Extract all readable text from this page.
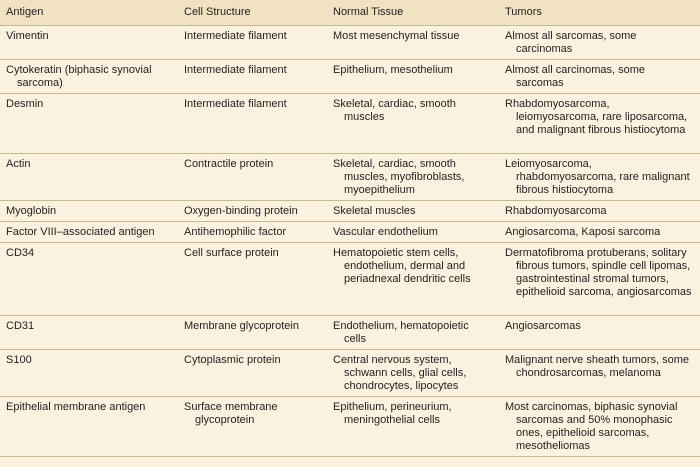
Antigen	Cell Structure	Normal Tissue	Tumors
Vimentin	Intermediate filament	Most mesenchymal tissue	Almost all sarcomas, some carcinomas
Cytokeratin (biphasic synovial sarcoma)	Intermediate filament	Epithelium, mesothelium	Almost all carcinomas, some sarcomas
Desmin	Intermediate filament	Skeletal, cardiac, smooth muscles	Rhabdomyosarcoma, leiomyosarcoma, rare liposarcoma, and malignant fibrous histiocytoma
Actin	Contractile protein	Skeletal, cardiac, smooth muscles, myofibroblasts, myoepithelium	Leiomyosarcoma, rhabdomyosarcoma, rare malignant fibrous histiocytoma
Myoglobin	Oxygen-binding protein	Skeletal muscles	Rhabdomyosarcoma
Factor VIII–associated antigen	Antihemophilic factor	Vascular endothelium	Angiosarcoma, Kaposi sarcoma
CD34	Cell surface protein	Hematopoietic stem cells, endothelium, dermal and periadnexal dendritic cells	Dermatofibroma protuberans, solitary fibrous tumors, spindle cell lipomas, gastrointestinal stromal tumors, epithelioid sarcoma, angiosarcomas
CD31	Membrane glycoprotein	Endothelium, hematopoietic cells	Angiosarcomas
S100	Cytoplasmic protein	Central nervous system, schwann cells, glial cells, chondrocytes, lipocytes	Malignant nerve sheath tumors, some chondrosarcomas, melanoma
Epithelial membrane antigen	Surface membrane glycoprotein	Epithelium, perineurium, meningothelial cells	Most carcinomas, biphasic synovial sarcomas and 50% monophasic ones, epithelioid sarcomas, mesotheliomas
